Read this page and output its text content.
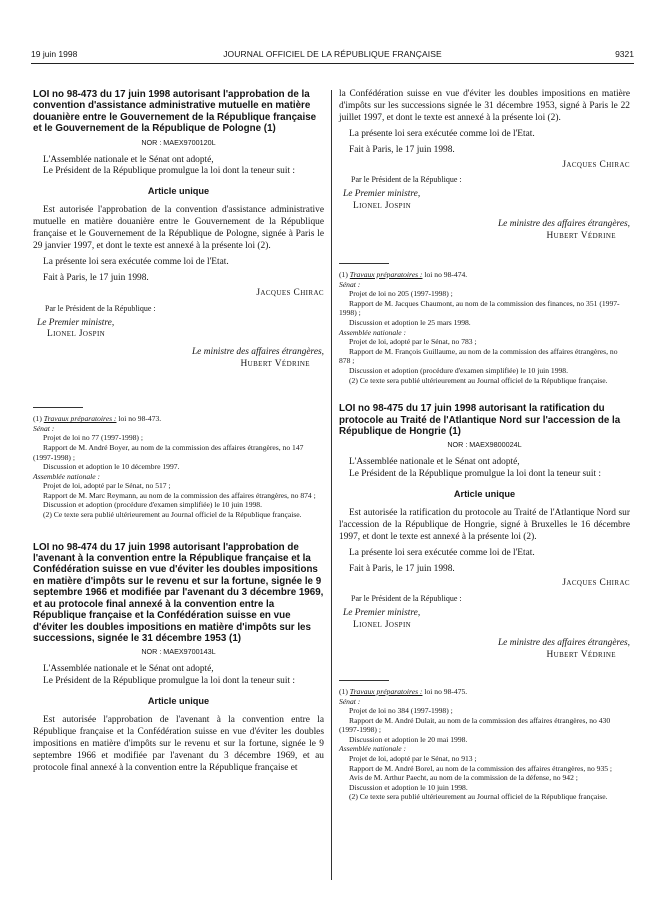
19 juin 1998	JOURNAL OFFICIEL DE LA RÉPUBLIQUE FRANÇAISE	9321

LOI no 98-473 du 17 juin 1998 autorisant l'approbation de la convention d'assistance administrative mutuelle en matière douanière entre le Gouvernement de la République française et le Gouvernement de la République de Pologne (1)

NOR : MAEX9700120L

L'Assemblée nationale et le Sénat ont adopté,

Le Président de la République promulgue la loi dont la teneur suit :

Article unique

Est autorisée l'approbation de la convention d'assistance administrative mutuelle en matière douanière entre le Gouvernement de la République française et le Gouvernement de la République de Pologne, signée à Paris le 29 janvier 1997, et dont le texte est annexé à la présente loi (2).

La présente loi sera exécutée comme loi de l'Etat.

Fait à Paris, le 17 juin 1998.

Jacques Chirac

Par le Président de la République :

Le Premier ministre,

Lionel Jospin

Le ministre des affaires étrangères,

Hubert Védrine

(1) Travaux préparatoires : loi no 98-473.

Sénat :

Projet de loi no 77 (1997-1998) ;

Rapport de M. André Boyer, au nom de la commission des affaires étrangères, no 147 (1997-1998) ;

Discussion et adoption le 10 décembre 1997.

Assemblée nationale :

Projet de loi, adopté par le Sénat, no 517 ;

Rapport de M. Marc Reymann, au nom de la commission des affaires étrangères, no 874 ;

Discussion et adoption (procédure d'examen simplifiée) le 10 juin 1998.

(2) Ce texte sera publié ultérieurement au Journal officiel de la République française.

LOI no 98-474 du 17 juin 1998 autorisant l'approbation de l'avenant à la convention entre la République française et la Confédération suisse en vue d'éviter les doubles impositions en matière d'impôts sur le revenu et sur la fortune, signée le 9 septembre 1966 et modifiée par l'avenant du 3 décembre 1969, et au protocole final annexé à la convention entre la République française et la Confédération suisse en vue d'éviter les doubles impositions en matière d'impôts sur les successions, signée le 31 décembre 1953 (1)

NOR : MAEX9700143L

L'Assemblée nationale et le Sénat ont adopté,

Le Président de la République promulgue la loi dont la teneur suit :

Article unique

Est autorisée l'approbation de l'avenant à la convention entre la République française et la Confédération suisse en vue d'éviter les doubles impositions en matière d'impôts sur le revenu et sur la fortune, signée le 9 septembre 1966 et modifiée par l'avenant du 3 décembre 1969, et au protocole final annexé à la convention entre la République française et

la Confédération suisse en vue d'éviter les doubles impositions en matière d'impôts sur les successions signée le 31 décembre 1953, signé à Paris le 22 juillet 1997, et dont le texte est annexé à la présente loi (2).

La présente loi sera exécutée comme loi de l'Etat.

Fait à Paris, le 17 juin 1998.

Jacques Chirac

Par le Président de la République :

Le Premier ministre,

Lionel Jospin

Le ministre des affaires étrangères,

Hubert Védrine

(1) Travaux préparatoires : loi no 98-474.

Sénat :

Projet de loi no 205 (1997-1998) ;

Rapport de M. Jacques Chaumont, au nom de la commission des finances, no 351 (1997-1998) ;

Discussion et adoption le 25 mars 1998.

Assemblée nationale :

Projet de loi, adopté par le Sénat, no 783 ;

Rapport de M. François Guillaume, au nom de la commission des affaires étrangères, no 878 ;

Discussion et adoption (procédure d'examen simplifiée) le 10 juin 1998.

(2) Ce texte sera publié ultérieurement au Journal officiel de la République française.

LOI no 98-475 du 17 juin 1998 autorisant la ratification du protocole au Traité de l'Atlantique Nord sur l'accession de la République de Hongrie (1)

NOR : MAEX9800024L

L'Assemblée nationale et le Sénat ont adopté,

Le Président de la République promulgue la loi dont la teneur suit :

Article unique

Est autorisée la ratification du protocole au Traité de l'Atlantique Nord sur l'accession de la République de Hongrie, signé à Bruxelles le 16 décembre 1997, et dont le texte est annexé à la présente loi (2).

La présente loi sera exécutée comme loi de l'Etat.

Fait à Paris, le 17 juin 1998.

Jacques Chirac

Par le Président de la République :

Le Premier ministre,

Lionel Jospin

Le ministre des affaires étrangères,

Hubert Védrine

(1) Travaux préparatoires : loi no 98-475.

Sénat :

Projet de loi no 384 (1997-1998) ;

Rapport de M. André Dulait, au nom de la commission des affaires étrangères, no 430 (1997-1998) ;

Discussion et adoption le 20 mai 1998.

Assemblée nationale :

Projet de loi, adopté par le Sénat, no 913 ;

Rapport de M. André Borel, au nom de la commission des affaires étrangères, no 935 ;

Avis de M. Arthur Paecht, au nom de la commission de la défense, no 942 ;

Discussion et adoption le 10 juin 1998.

(2) Ce texte sera publié ultérieurement au Journal officiel de la République française.
